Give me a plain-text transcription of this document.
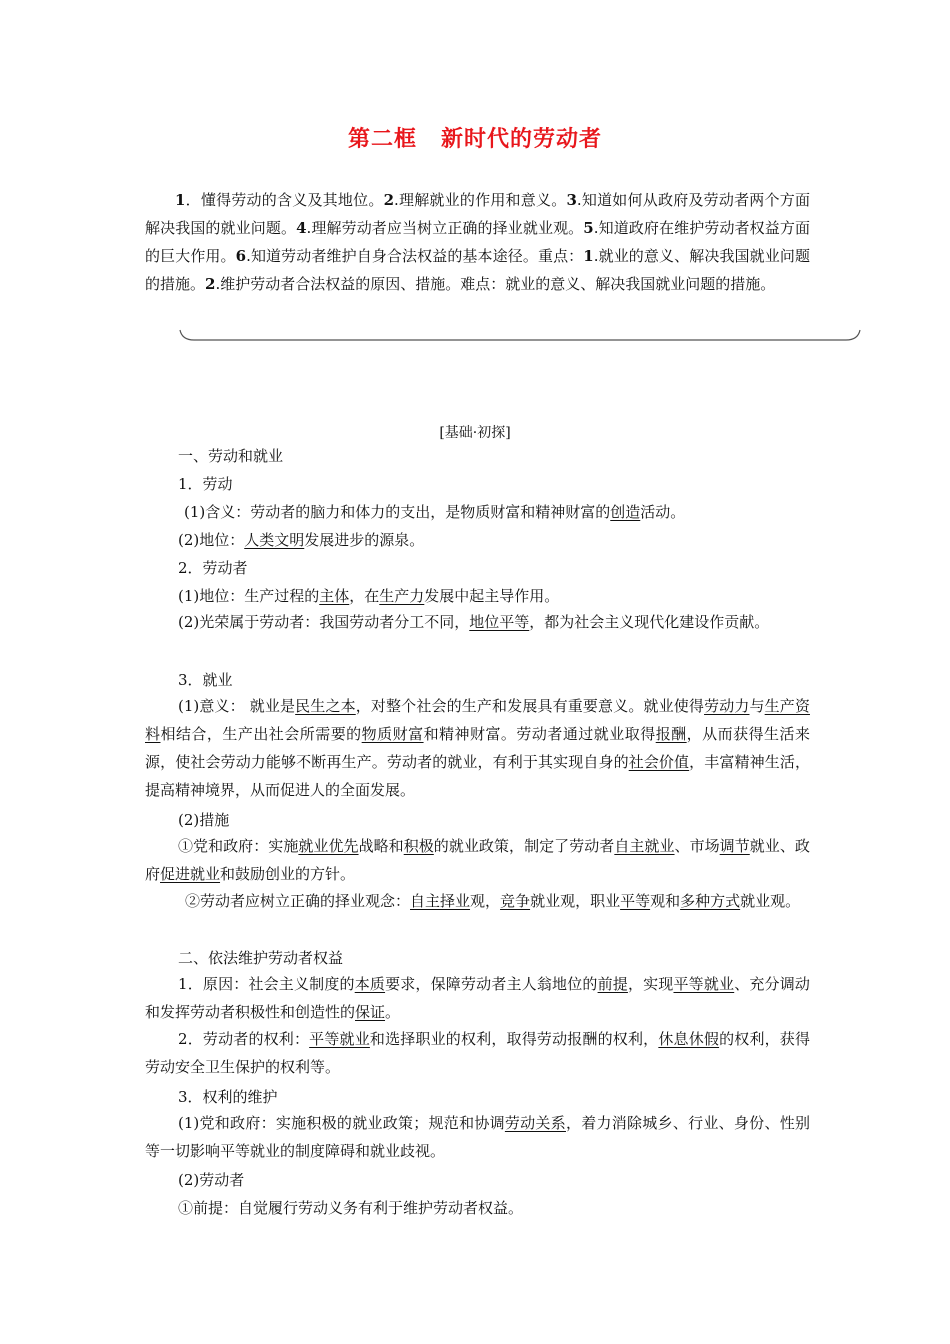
第二框 新时代的劳动者
1．懂得劳动的含义及其地位。2.理解就业的作用和意义。3.知道如何从政府及劳动者两个方面解决我国的就业问题。4.理解劳动者应当树立正确的择业就业观。5.知道政府在维护劳动者权益方面的巨大作用。6.知道劳动者维护自身合法权益的基本途径。重点：1.就业的意义、解决我国就业问题的措施。2.维护劳动者合法权益的原因、措施。难点：就业的意义、解决我国就业问题的措施。
[基础·初探]
一、劳动和就业
1．劳动
(1)含义：劳动者的脑力和体力的支出，是物质财富和精神财富的创造活动。
(2)地位：人类文明发展进步的源泉。
2．劳动者
(1)地位：生产过程的主体，在生产力发展中起主导作用。
(2)光荣属于劳动者：我国劳动者分工不同，地位平等，都为社会主义现代化建设作贡献。
3．就业
(1)意义： 就业是民生之本，对整个社会的生产和发展具有重要意义。就业使得劳动力与生产资料相结合，生产出社会所需要的物质财富和精神财富。劳动者通过就业取得报酬，从而获得生活来源，使社会劳动力能够不断再生产。劳动者的就业，有利于其实现自身的社会价值，丰富精神生活，提高精神境界，从而促进人的全面发展。
(2)措施
①党和政府：实施就业优先战略和积极的就业政策，制定了劳动者自主就业、市场调节就业、政府促进就业和鼓励创业的方针。
②劳动者应树立正确的择业观念：自主择业观，竞争就业观，职业平等观和多种方式就业观。
二、依法维护劳动者权益
1．原因：社会主义制度的本质要求，保障劳动者主人翁地位的前提，实现平等就业、充分调动和发挥劳动者积极性和创造性的保证。
2．劳动者的权利：平等就业和选择职业的权利，取得劳动报酬的权利，休息休假的权利，获得劳动安全卫生保护的权利等。
3．权利的维护
(1)党和政府：实施积极的就业政策；规范和协调劳动关系，着力消除城乡、行业、身份、性别等一切影响平等就业的制度障碍和就业歧视。
(2)劳动者
①前提：自觉履行劳动义务有利于维护劳动者权益。
